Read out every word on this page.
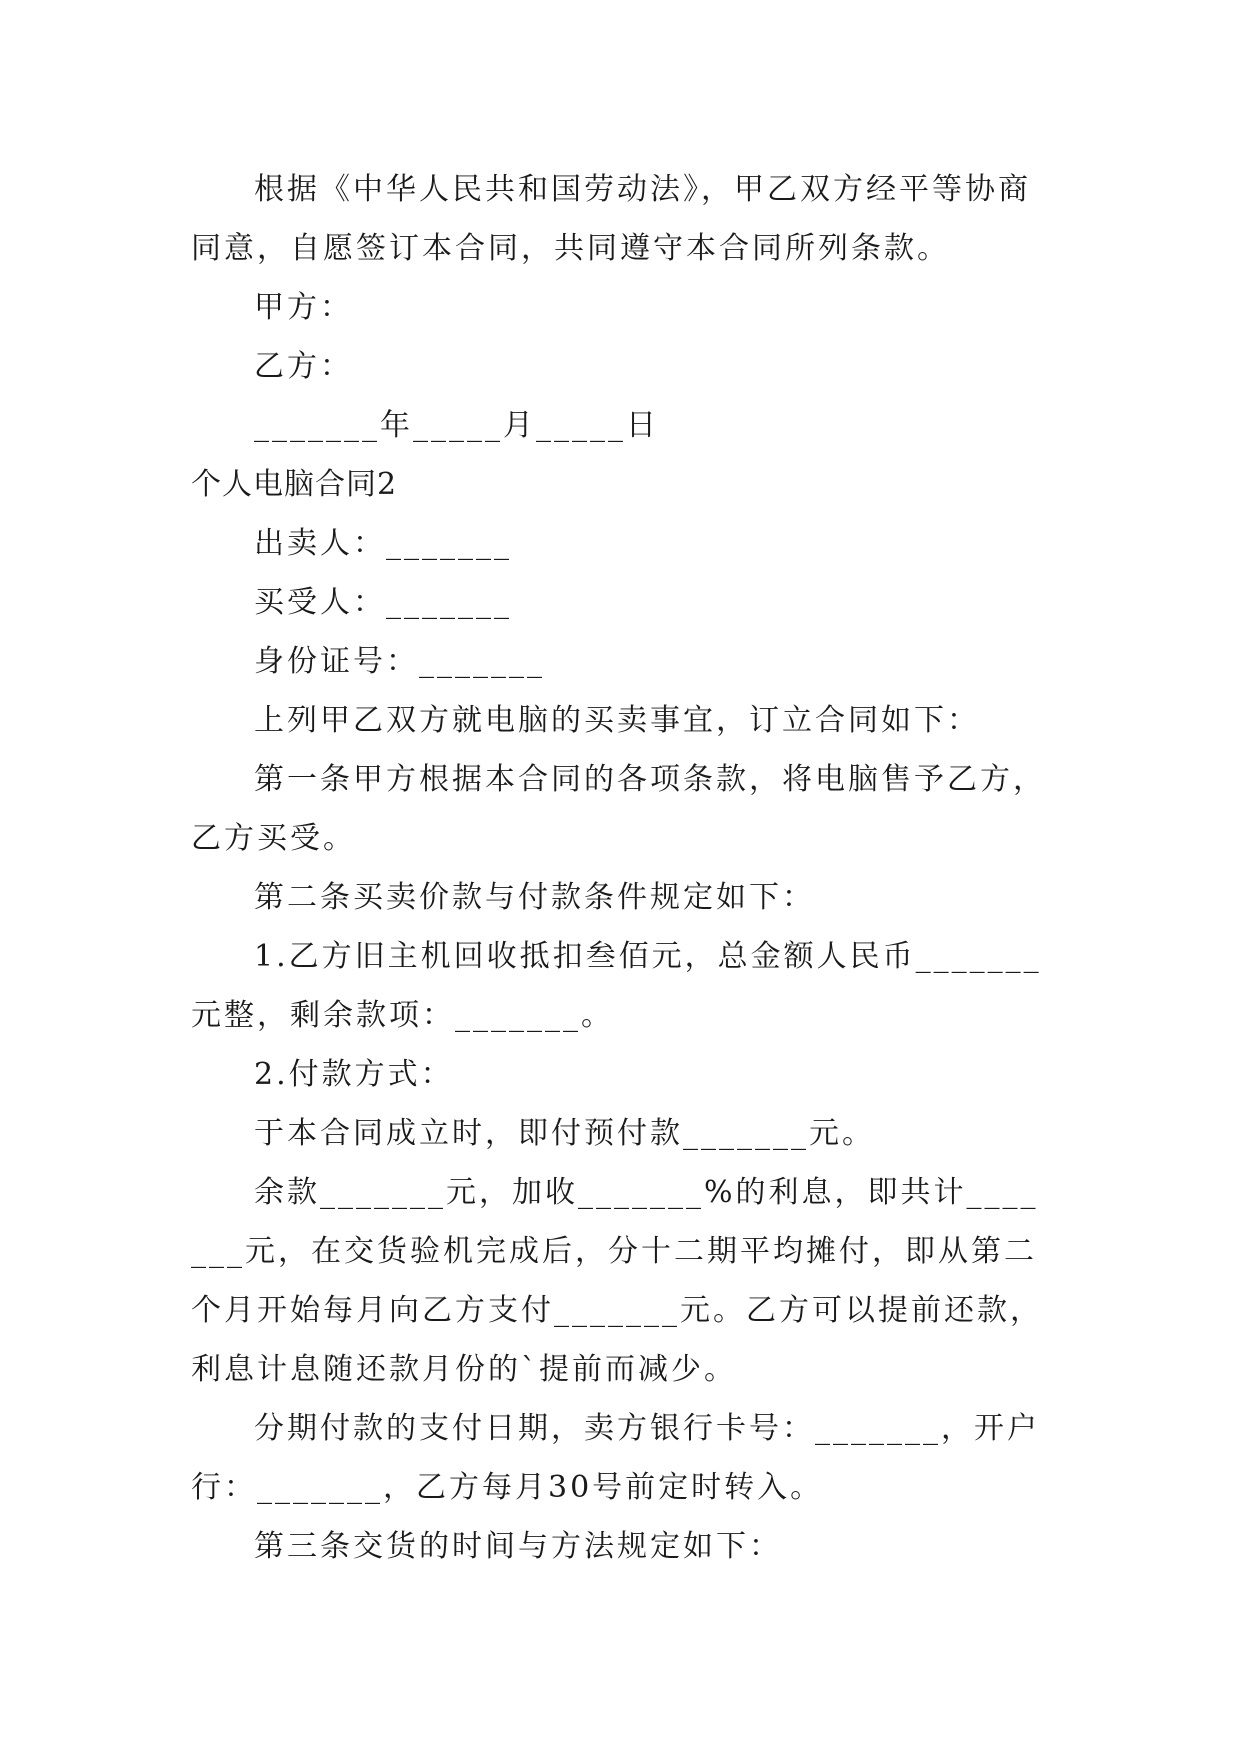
根据《中华人民共和国劳动法》，甲乙双方经平等协商同意，自愿签订本合同，共同遵守本合同所列条款。

甲方：

乙方：

_______年_____月_____日

个人电脑合同2

出卖人：_______

买受人：_______

身份证号：_______

上列甲乙双方就电脑的买卖事宜，订立合同如下：

第一条甲方根据本合同的各项条款，将电脑售予乙方，乙方买受。

第二条买卖价款与付款条件规定如下：

1.乙方旧主机回收抵扣叁佰元，总金额人民币_______元整，剩余款项：_______。

2.付款方式：

于本合同成立时，即付预付款_______元。

余款_______元，加收_______%的利息，即共计_______元，在交货验机完成后，分十二期平均摊付，即从第二个月开始每月向乙方支付_______元。乙方可以提前还款，利息计息随还款月份的`提前而减少。

分期付款的支付日期，卖方银行卡号：_______，开户行：_______，乙方每月30号前定时转入。

第三条交货的时间与方法规定如下：
